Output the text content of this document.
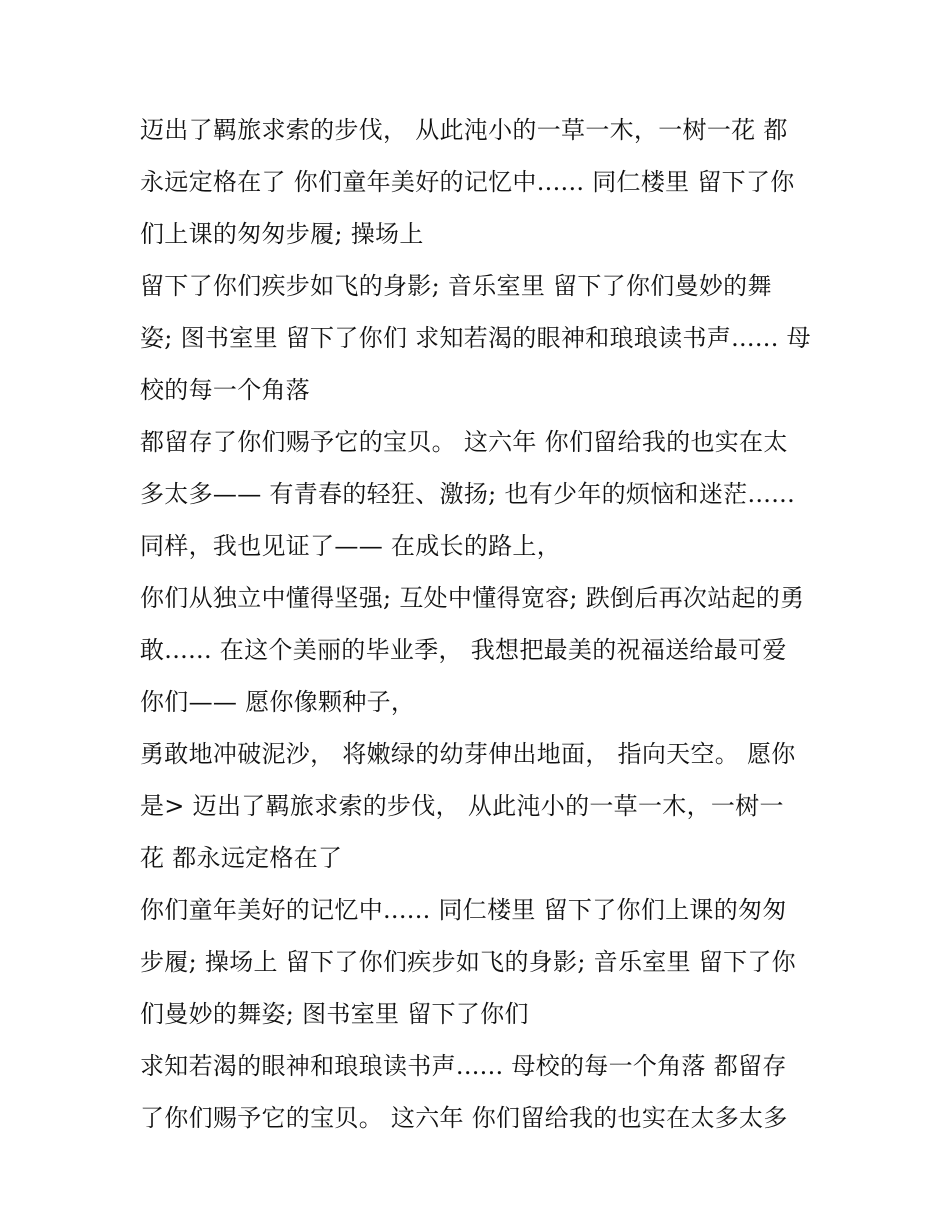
迈出了羁旅求索的步伐， 从此沌小的一草一木，一树一花 都
永远定格在了 你们童年美好的记忆中...... 同仁楼里 留下了你
们上课的匆匆步履; 操场上
留下了你们疾步如飞的身影; 音乐室里 留下了你们曼妙的舞
姿; 图书室里 留下了你们 求知若渴的眼神和琅琅读书声...... 母
校的每一个角落
都留存了你们赐予它的宝贝。 这六年 你们留给我的也实在太
多太多—— 有青春的轻狂、激扬; 也有少年的烦恼和迷茫......
同样，我也见证了—— 在成长的路上，
你们从独立中懂得坚强; 互处中懂得宽容; 跌倒后再次站起的勇
敢...... 在这个美丽的毕业季， 我想把最美的祝福送给最可爱
你们—— 愿你像颗种子，
勇敢地冲破泥沙， 将嫩绿的幼芽伸出地面， 指向天空。 愿你
是> 迈出了羁旅求索的步伐， 从此沌小的一草一木，一树一
花 都永远定格在了
你们童年美好的记忆中...... 同仁楼里 留下了你们上课的匆匆
步履; 操场上 留下了你们疾步如飞的身影; 音乐室里 留下了你
们曼妙的舞姿; 图书室里 留下了你们
求知若渴的眼神和琅琅读书声...... 母校的每一个角落 都留存
了你们赐予它的宝贝。 这六年 你们留给我的也实在太多太多
